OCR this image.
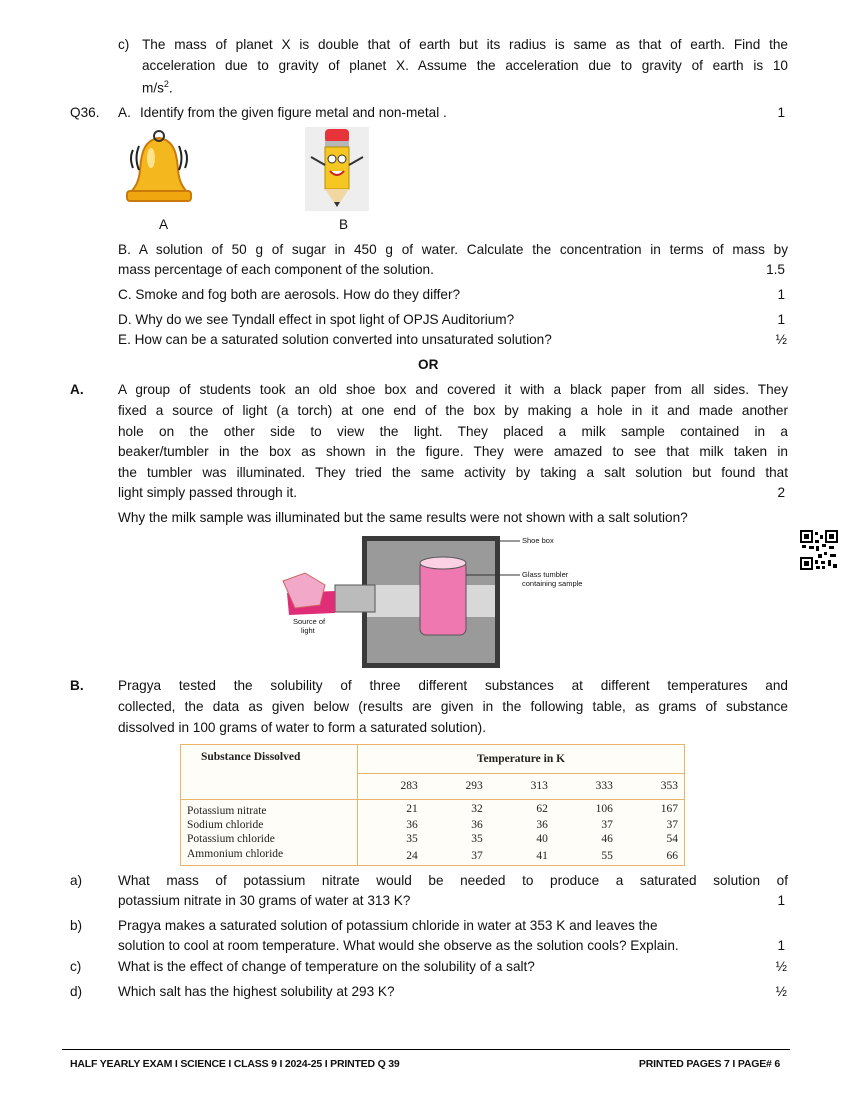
c) The mass of planet X is double that of earth but its radius is same as that of earth. Find the
acceleration due to gravity of planet X. Assume the acceleration due to gravity of earth is 10
$m/s^2$.
Q36. A. Identify from the given figure metal and non-metal .	1
A	B
B. A solution of 50 g of sugar in 450 g of water. Calculate the concentration in terms of mass by
mass percentage of each component of the solution.	1.5
C. Smoke and fog both are aerosols. How do they differ?	1
D. Why do we see Tyndall effect in spot light of OPJS Auditorium?	1
E. How can be a saturated solution converted into unsaturated solution?	½
OR
A.	A group of students took an old shoe box and covered it with a black paper from all sides. They
fixed a source of light (a torch) at one end of the box by making a hole in it and made another
hole on the other side to view the light. They placed a milk sample contained in a
beaker/tumbler in the box as shown in the figure. They were amazed to see that milk taken in
the tumbler was illuminated. They tried the same activity by taking a salt solution but found that
light simply passed through it.	2
Why the milk sample was illuminated but the same results were not shown with a salt solution?
Shoe box
Glass tumbler
containing sample
Source of
light
B.	Pragya tested the solubility of three different substances at different temperatures and
collected, the data as given below (results are given in the following table, as grams of substance
dissolved in 100 grams of water to form a saturated solution).
Substance Dissolved	Temperature in K				
	283	293	313	333	353
Potassium nitrate	21	32	62	106	167
Sodium chloride	36	36	36	37	37
Potassium chloride	35	35	40	46	54
Ammonium chloride	24	37	41	55	66
a)	What mass of potassium nitrate would be needed to produce a saturated solution of
potassium nitrate in 30 grams of water at 313 K?	1
b)	Pragya makes a saturated solution of potassium chloride in water at 353 K and leaves the
solution to cool at room temperature. What would she observe as the solution cools? Explain.	1
c)	What is the effect of change of temperature on the solubility of a salt?	½
d)	Which salt has the highest solubility at 293 K?	½
HALF YEARLY EXAM I SCIENCE I CLASS 9 I 2024-25 I PRINTED Q 39	PRINTED PAGES 7 I PAGE# 6
